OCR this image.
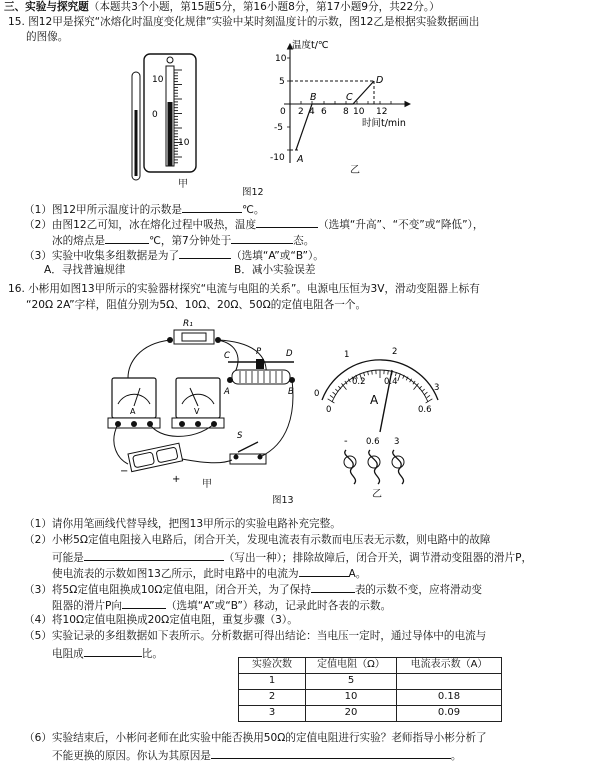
三、实验与探究题（本题共3个小题，第15题5分，第16小题8分，第17小题9分，共22分。）
15. 图12甲是探究“冰熔化时温度变化规律”实验中某时刻温度计的示数，图12乙是根据实验数据画出
的图像。
10
0
10
甲
温度t/℃
时间t/min
10
5
0
-5
-10
2 4 6 8 10 12
A
B	C
D
乙
图12
（1）图12甲所示温度计的示数是	℃。
（2）由图12乙可知，冰在熔化过程中吸热，温度	（选填“升高”、“不变”或“降低”），
冰的熔点是	℃，第7分钟处于	态。
（3）实验中收集多组数据是为了	（选填“A”或“B”）。
A．寻找普遍规律	B．减小实验误差
16. 小彬用如图13甲所示的实验器材探究“电流与电阻的关系”。电源电压恒为3V，滑动变阻器上标有
“20Ω 2A”字样，阻值分别为5Ω、10Ω、20Ω、50Ω的定值电阻各一个。
R₁
A	V
C	P	D
A	B
+
−
S
甲
0
1	2
3
0
0.2 0.4
0.6
A
- 0.6 3
乙
图13
（1）请你用笔画线代替导线，把图13甲所示的实验电路补充完整。
（2）小彬5Ω定值电阻接入电路后，闭合开关，发现电流表有示数而电压表无示数，则电路中的故障
可能是	（写出一种）；排除故障后，闭合开关，调节滑动变阻器的滑片P，
使电流表的示数如图13乙所示，此时电路中的电流为	A。
（3）将5Ω定值电阻换成10Ω定值电阻，闭合开关，为了保持	表的示数不变，应将滑动变
阻器的滑片P向	（选填“A”或“B”）移动，记录此时各表的示数。
（4）将10Ω定值电阻换成20Ω定值电阻，重复步骤（3）。
（5）实验记录的多组数据如下表所示。分析数据可得出结论：当电压一定时，通过导体中的电流与
电阻成	比。
实验次数	定值电阻（Ω）	电流表示数（A）
1	5	
2	10	0.18
3	20	0.09
（6）实验结束后，小彬问老师在此实验中能否换用50Ω的定值电阻进行实验？老师指导小彬分析了
不能更换的原因。你认为其原因是	。
